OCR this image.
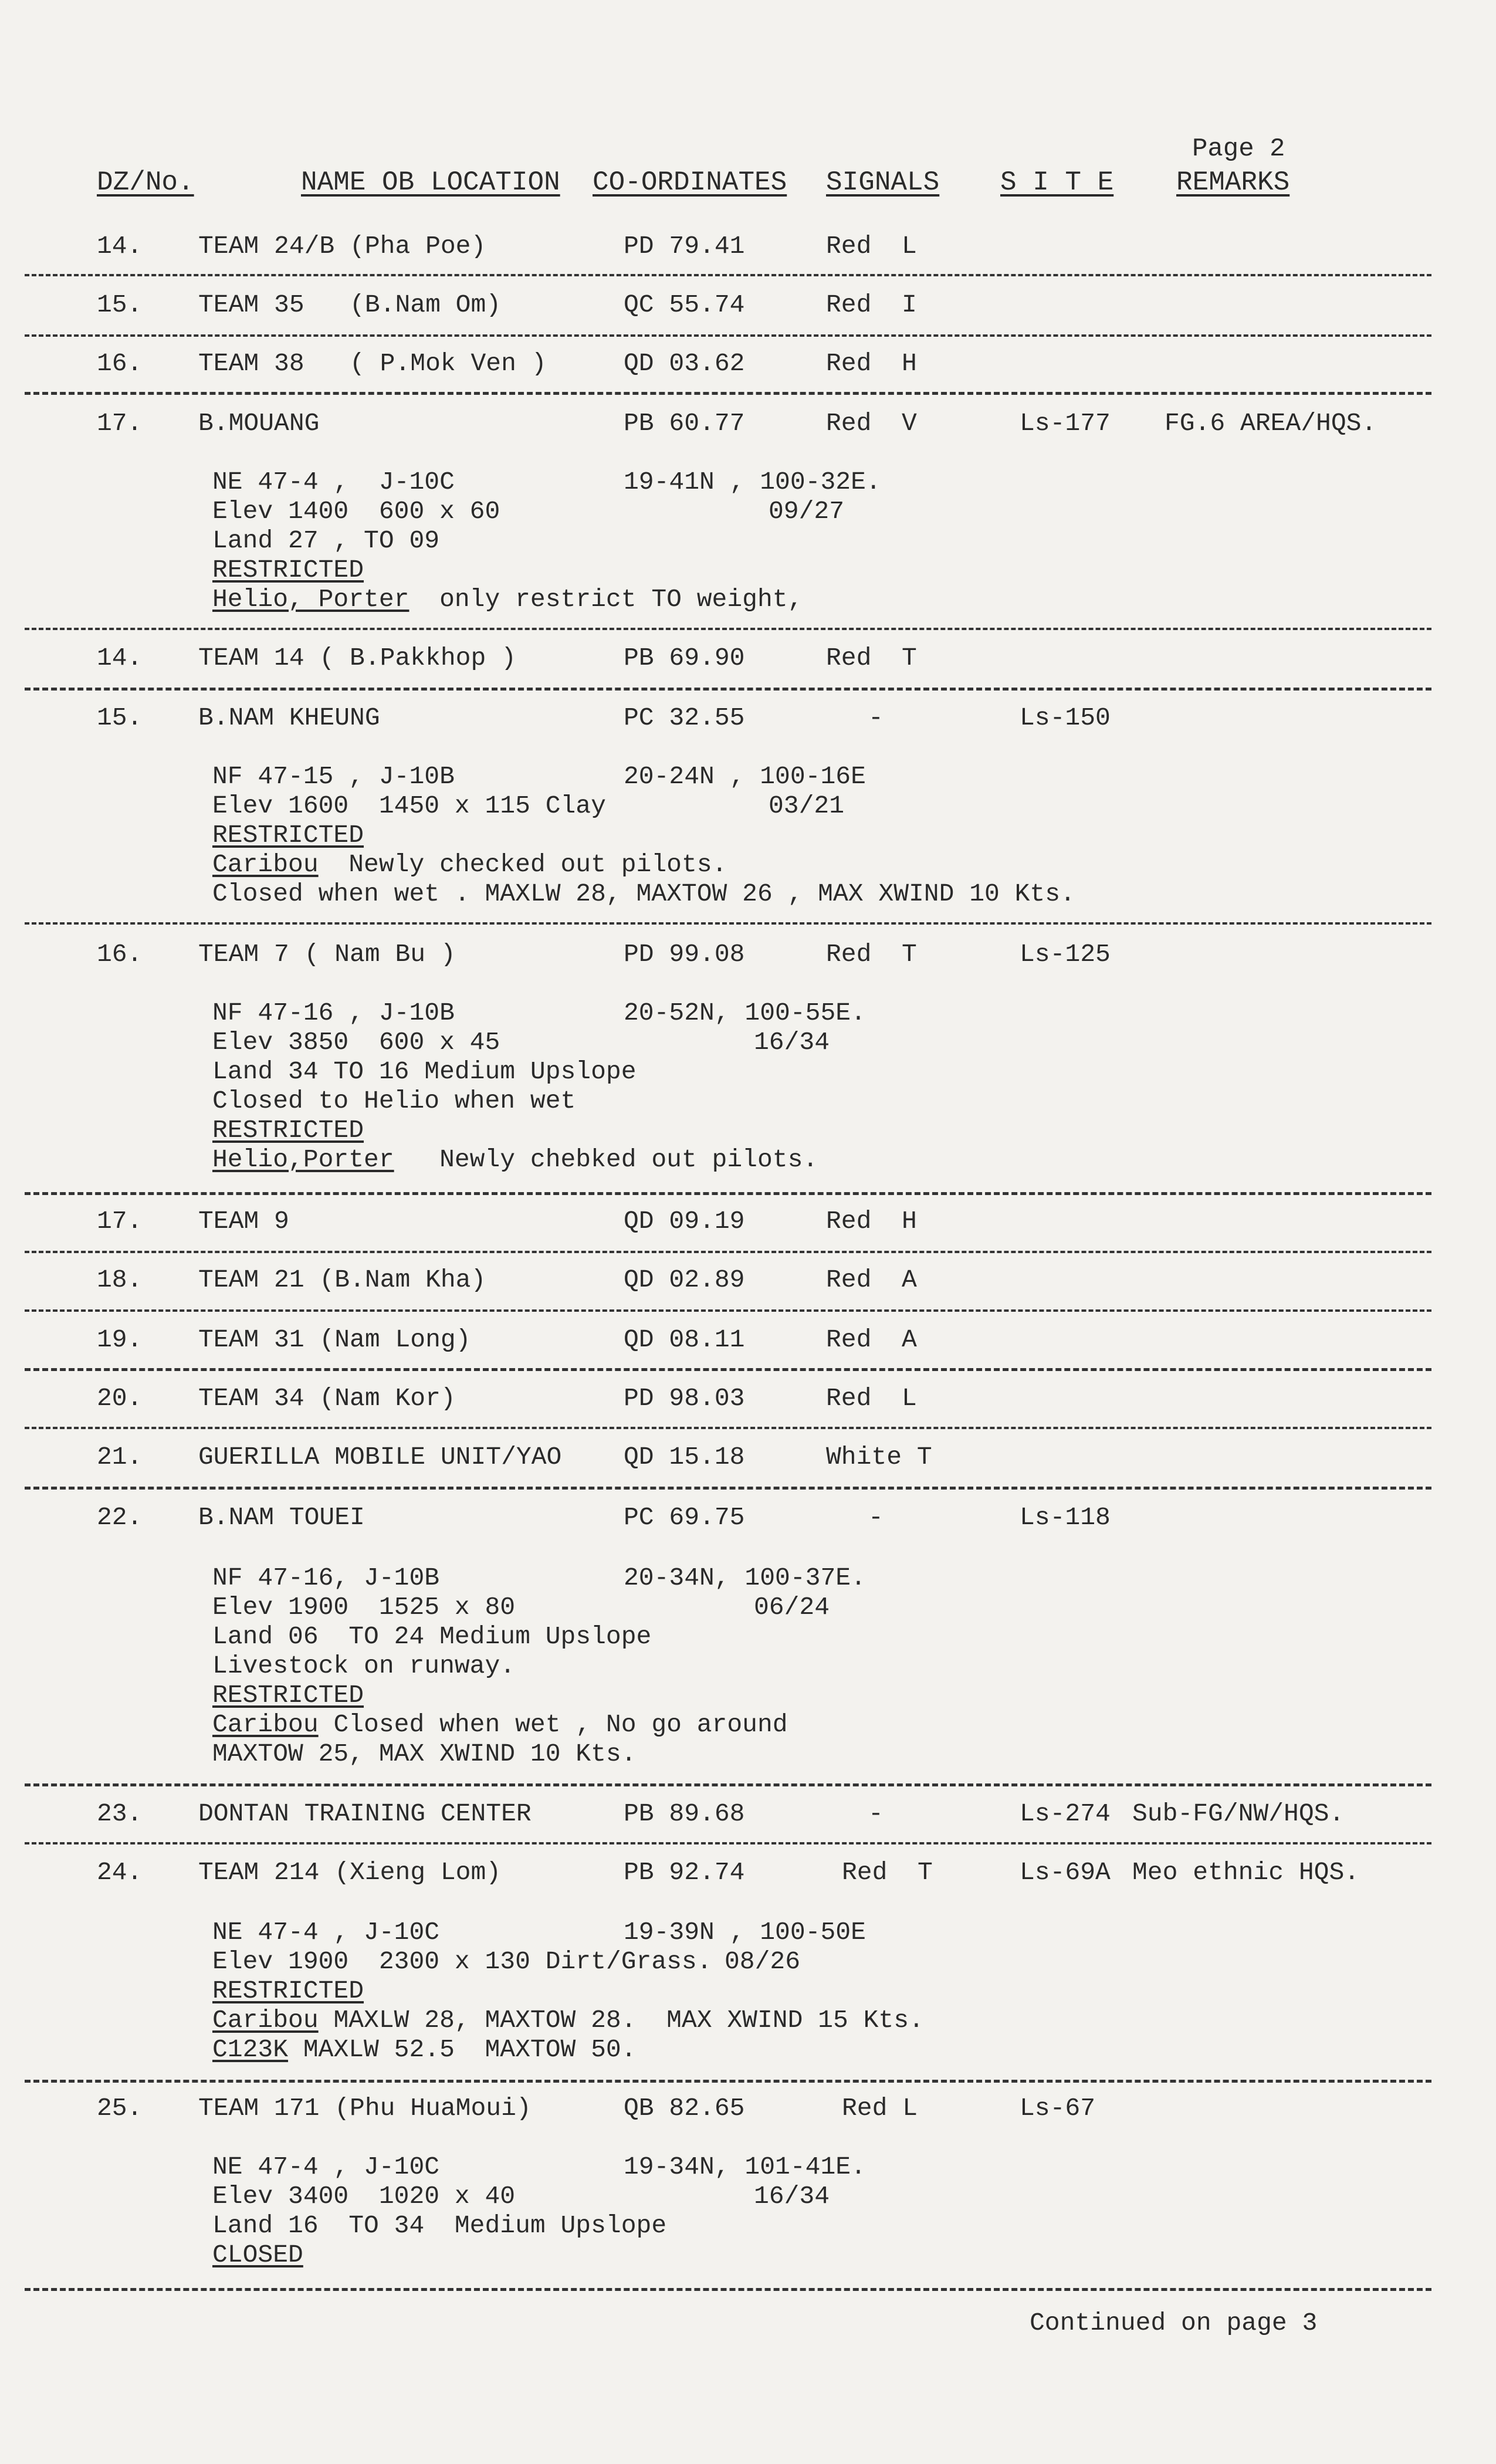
Page 2
DZ/No.	NAME OB LOCATION CO-ORDINATES SIGNALS S I T E REMARKS
14. TEAM 24/B (Pha Poe)	PD 79.41	Red  L
15. TEAM 35   (B.Nam Om)	QC 55.74	Red  I
16. TEAM 38   ( P.Mok Ven )	QD 03.62	Red  H
17. B.MOUANG	PB 60.77	Red  V	Ls-177 FG.6 AREA/HQS.
NE 47-4 ,  J-10C	19-41N , 100-32E.
Elev 1400  600 x 60	09/27
Land 27 , TO 09
RESTRICTED
Helio, Porter  only restrict TO weight,
14. TEAM 14 ( B.Pakkhop )	PB 69.90	Red  T
15. B.NAM KHEUNG	PC 32.55	-	Ls-150
NF 47-15 , J-10B	20-24N , 100-16E
Elev 1600  1450 x 115 Clay	03/21
RESTRICTED
Caribou  Newly checked out pilots.
Closed when wet . MAXLW 28, MAXTOW 26 , MAX XWIND 10 Kts.
16. TEAM 7 ( Nam Bu )	PD 99.08	Red  T	Ls-125
NF 47-16 , J-10B	20-52N, 100-55E.
Elev 3850  600 x 45	16/34
Land 34 TO 16 Medium Upslope
Closed to Helio when wet
RESTRICTED
Helio,Porter   Newly chebked out pilots.
17. TEAM 9	QD 09.19	Red  H
18. TEAM 21 (B.Nam Kha)	QD 02.89	Red  A
19. TEAM 31 (Nam Long)	QD 08.11	Red  A
20. TEAM 34 (Nam Kor)	PD 98.03	Red  L
21. GUERILLA MOBILE UNIT/YAO QD 15.18	White T
22. B.NAM TOUEI	PC 69.75	-	Ls-118
NF 47-16, J-10B	20-34N, 100-37E.
Elev 1900  1525 x 80	06/24
Land 06  TO 24 Medium Upslope
Livestock on runway.
RESTRICTED
Caribou Closed when wet , No go around
MAXTOW 25, MAX XWIND 10 Kts.
23. DONTAN TRAINING CENTER	PB 89.68	-	Ls-274 Sub-FG/NW/HQS.
24. TEAM 214 (Xieng Lom)	PB 92.74	Red  T	Ls-69A Meo ethnic HQS.
NE 47-4 , J-10C	19-39N , 100-50E
Elev 1900  2300 x 130 Dirt/Grass. 08/26
RESTRICTED
Caribou MAXLW 28, MAXTOW 28.  MAX XWIND 15 Kts.
C123K MAXLW 52.5  MAXTOW 50.
25. TEAM 171 (Phu HuaMoui)	QB 82.65	Red L	Ls-67
NE 47-4 , J-10C	19-34N, 101-41E.
Elev 3400  1020 x 40	16/34
Land 16  TO 34  Medium Upslope
CLOSED
Continued on page 3
